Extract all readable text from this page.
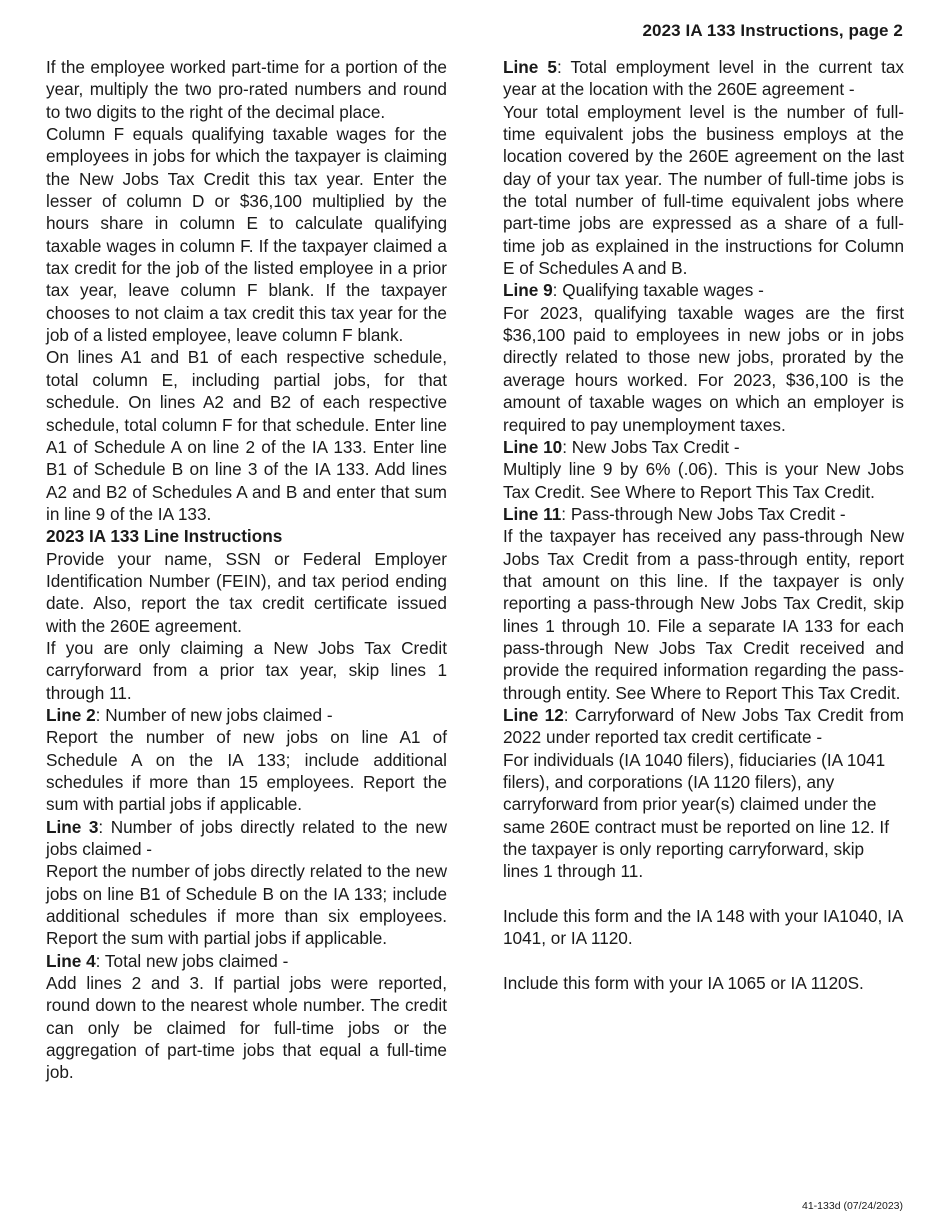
2023 IA 133 Instructions, page 2

If the employee worked part-time for a portion of the year, multiply the two pro-rated numbers and round to two digits to the right of the decimal place.

Column F equals qualifying taxable wages for the employees in jobs for which the taxpayer is claiming the New Jobs Tax Credit this tax year. Enter the lesser of column D or $36,100 multiplied by the hours share in column E to calculate qualifying taxable wages in column F. If the taxpayer claimed a tax credit for the job of the listed employee in a prior tax year, leave column F blank. If the taxpayer chooses to not claim a tax credit this tax year for the job of a listed employee, leave column F blank.

On lines A1 and B1 of each respective schedule, total column E, including partial jobs, for that schedule. On lines A2 and B2 of each respective schedule, total column F for that schedule. Enter line A1 of Schedule A on line 2 of the IA 133. Enter line B1 of Schedule B on line 3 of the IA 133. Add lines A2 and B2 of Schedules A and B and enter that sum in line 9 of the IA 133.

2023 IA 133 Line Instructions

Provide your name, SSN or Federal Employer Identification Number (FEIN), and tax period ending date. Also, report the tax credit certificate issued with the 260E agreement.

If you are only claiming a New Jobs Tax Credit carryforward from a prior tax year, skip lines 1 through 11.

Line 2: Number of new jobs claimed -

Report the number of new jobs on line A1 of Schedule A on the IA 133; include additional schedules if more than 15 employees. Report the sum with partial jobs if applicable.

Line 3: Number of jobs directly related to the new jobs claimed -

Report the number of jobs directly related to the new jobs on line B1 of Schedule B on the IA 133; include additional schedules if more than six employees. Report the sum with partial jobs if applicable.

Line 4: Total new jobs claimed -

Add lines 2 and 3. If partial jobs were reported, round down to the nearest whole number. The credit can only be claimed for full-time jobs or the aggregation of part-time jobs that equal a full-time job.

Line 5: Total employment level in the current tax year at the location with the 260E agreement -

Your total employment level is the number of full-time equivalent jobs the business employs at the location covered by the 260E agreement on the last day of your tax year. The number of full-time jobs is the total number of full-time equivalent jobs where part-time jobs are expressed as a share of a full-time job as explained in the instructions for Column E of Schedules A and B.

Line 9: Qualifying taxable wages -

For 2023, qualifying taxable wages are the first $36,100 paid to employees in new jobs or in jobs directly related to those new jobs, prorated by the average hours worked. For 2023, $36,100 is the amount of taxable wages on which an employer is required to pay unemployment taxes.

Line 10: New Jobs Tax Credit -

Multiply line 9 by 6% (.06). This is your New Jobs Tax Credit. See Where to Report This Tax Credit.

Line 11: Pass-through New Jobs Tax Credit -

If the taxpayer has received any pass-through New Jobs Tax Credit from a pass-through entity, report that amount on this line. If the taxpayer is only reporting a pass-through New Jobs Tax Credit, skip lines 1 through 10. File a separate IA 133 for each pass-through New Jobs Tax Credit received and provide the required information regarding the pass-through entity. See Where to Report This Tax Credit.

Line 12: Carryforward of New Jobs Tax Credit from 2022 under reported tax credit certificate -

For individuals (IA 1040 filers), fiduciaries (IA 1041 filers), and corporations (IA 1120 filers), any carryforward from prior year(s) claimed under the same 260E contract must be reported on line 12. If the taxpayer is only reporting carryforward, skip lines 1 through 11.

Include this form and the IA 148 with your IA1040, IA 1041, or IA 1120.

Include this form with your IA 1065 or IA 1120S.

41-133d (07/24/2023)
